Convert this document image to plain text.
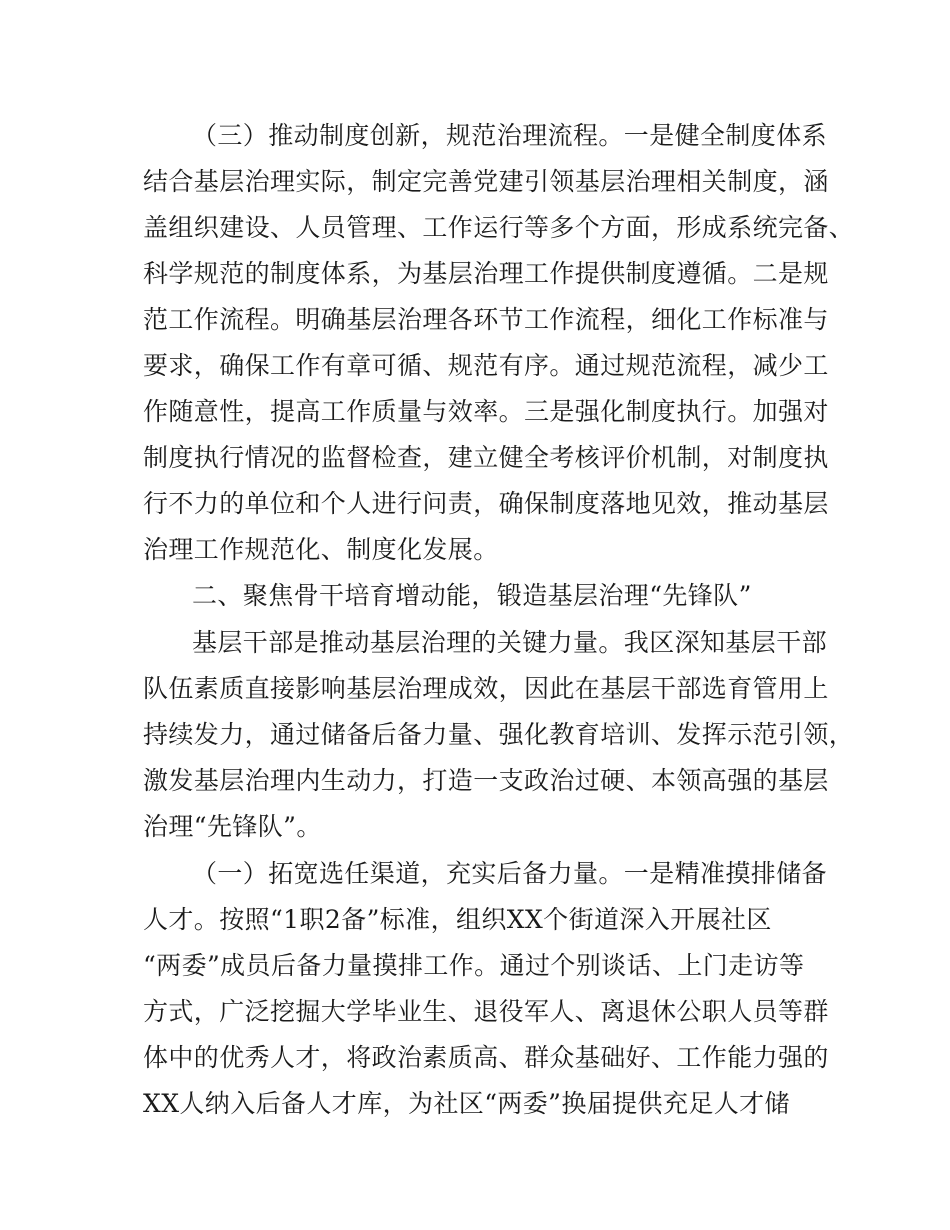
（三）推动制度创新，规范治理流程。一是健全制度体系
结合基层治理实际，制定完善党建引领基层治理相关制度，涵
盖组织建设、人员管理、工作运行等多个方面，形成系统完备、
科学规范的制度体系，为基层治理工作提供制度遵循。二是规
范工作流程。明确基层治理各环节工作流程，细化工作标准与
要求，确保工作有章可循、规范有序。通过规范流程，减少工
作随意性，提高工作质量与效率。三是强化制度执行。加强对
制度执行情况的监督检查，建立健全考核评价机制，对制度执
行不力的单位和个人进行问责，确保制度落地见效，推动基层
治理工作规范化、制度化发展。
二、聚焦骨干培育增动能，锻造基层治理“先锋队”
基层干部是推动基层治理的关键力量。我区深知基层干部
队伍素质直接影响基层治理成效，因此在基层干部选育管用上
持续发力，通过储备后备力量、强化教育培训、发挥示范引领，
激发基层治理内生动力，打造一支政治过硬、本领高强的基层
治理“先锋队”。
（一）拓宽选任渠道，充实后备力量。一是精准摸排储备
人才。按照“1职2备”标准，组织XX个街道深入开展社区
“两委”成员后备力量摸排工作。通过个别谈话、上门走访等
方式，广泛挖掘大学毕业生、退役军人、离退休公职人员等群
体中的优秀人才，将政治素质高、群众基础好、工作能力强的
XX人纳入后备人才库，为社区“两委”换届提供充足人才储
